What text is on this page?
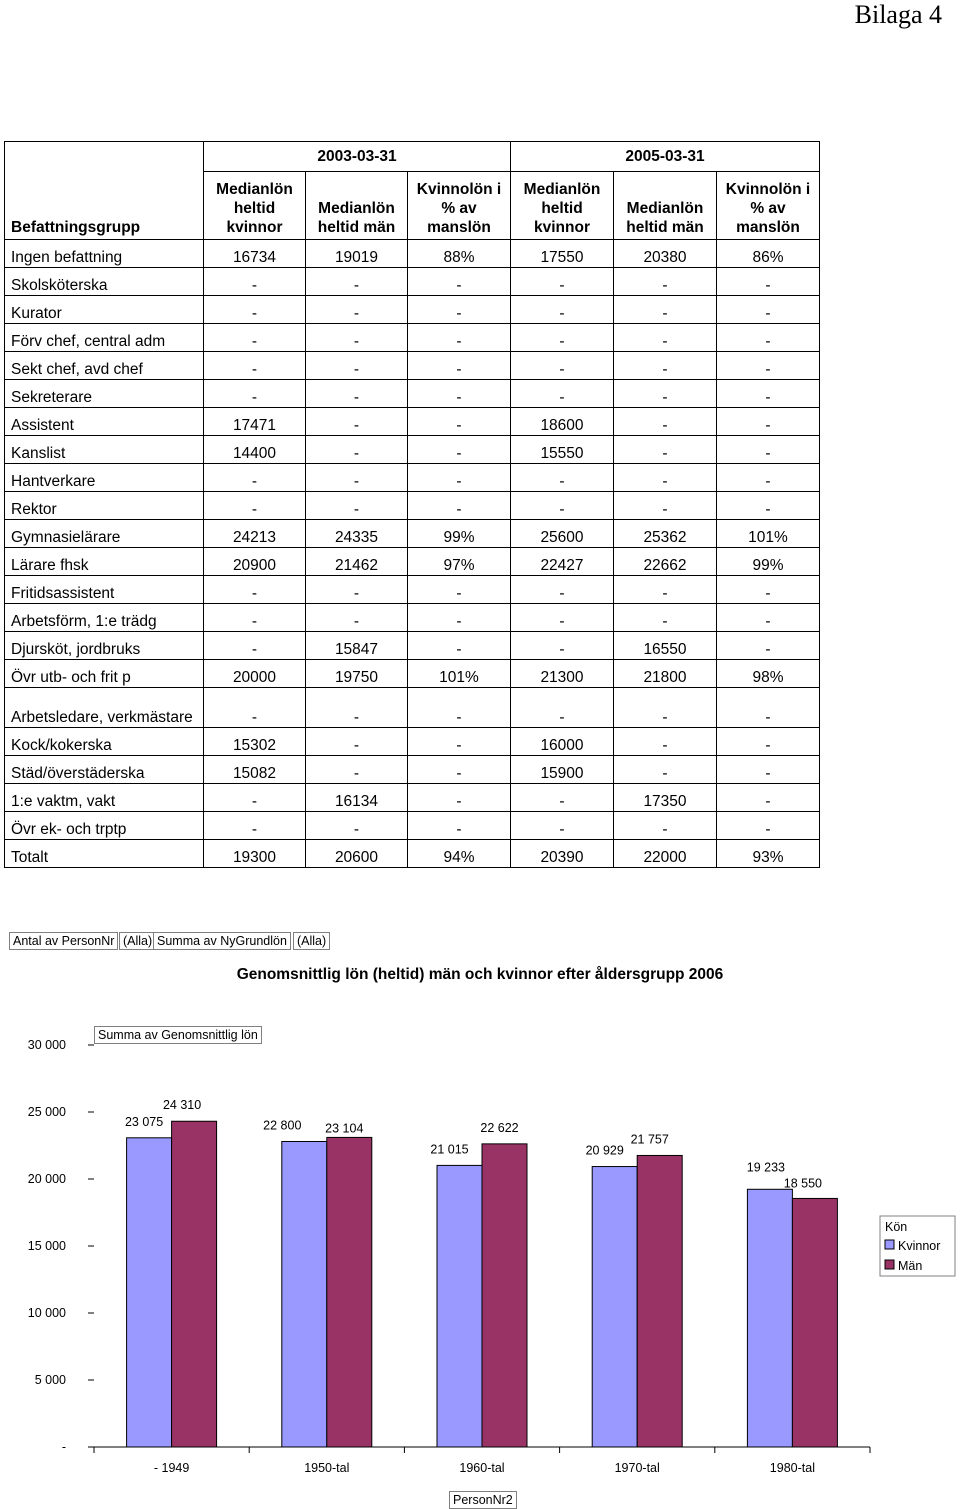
Bilaga 4
	2003-03-31			2005-03-31		
Befattningsgrupp	Medianlön heltid kvinnor	Medianlön heltid män	Kvinnolön i % av manslön	Medianlön heltid kvinnor	Medianlön heltid män	Kvinnolön i % av manslön
Ingen befattning	16734	19019	88%	17550	20380	86%
Skolsköterska	-	-	-	-	-	-
Kurator	-	-	-	-	-	-
Förv chef, central adm	-	-	-	-	-	-
Sekt chef, avd chef	-	-	-	-	-	-
Sekreterare	-	-	-	-	-	-
Assistent	17471	-	-	18600	-	-
Kanslist	14400	-	-	15550	-	-
Hantverkare	-	-	-	-	-	-
Rektor	-	-	-	-	-	-
Gymnasielärare	24213	24335	99%	25600	25362	101%
Lärare fhsk	20900	21462	97%	22427	22662	99%
Fritidsassistent	-	-	-	-	-	-
Arbetsförm, 1:e trädg	-	-	-	-	-	-
Djursköt, jordbruks	-	15847	-	-	16550	-
Övr utb- och frit p	20000	19750	101%	21300	21800	98%
Arbetsledare, verkmästare	-	-	-	-	-	-
Kock/kokerska	15302	-	-	16000	-	-
Städ/överstäderska	15082	-	-	15900	-	-
1:e vaktm, vakt	-	16134	-	-	17350	-
Övr ek- och trptp	-	-	-	-	-	-
Totalt	19300	20600	94%	20390	22000	93%
Antal av PersonNr (Alla) Summa av NyGrundlön (Alla)
Genomsnittlig lön (heltid) män och kvinnor efter åldersgrupp 2006
Summa av Genomsnittlig lön
PersonNr2
-
5 000
10 000
15 000
20 000
25 000
30 000
- 1949
23 075
24 310
1950-tal
22 800 23 104
1960-tal
21 015
22 622
1970-tal
20 929
21 757
1980-tal
19 233
18 550
Kön
Kvinnor
Män
